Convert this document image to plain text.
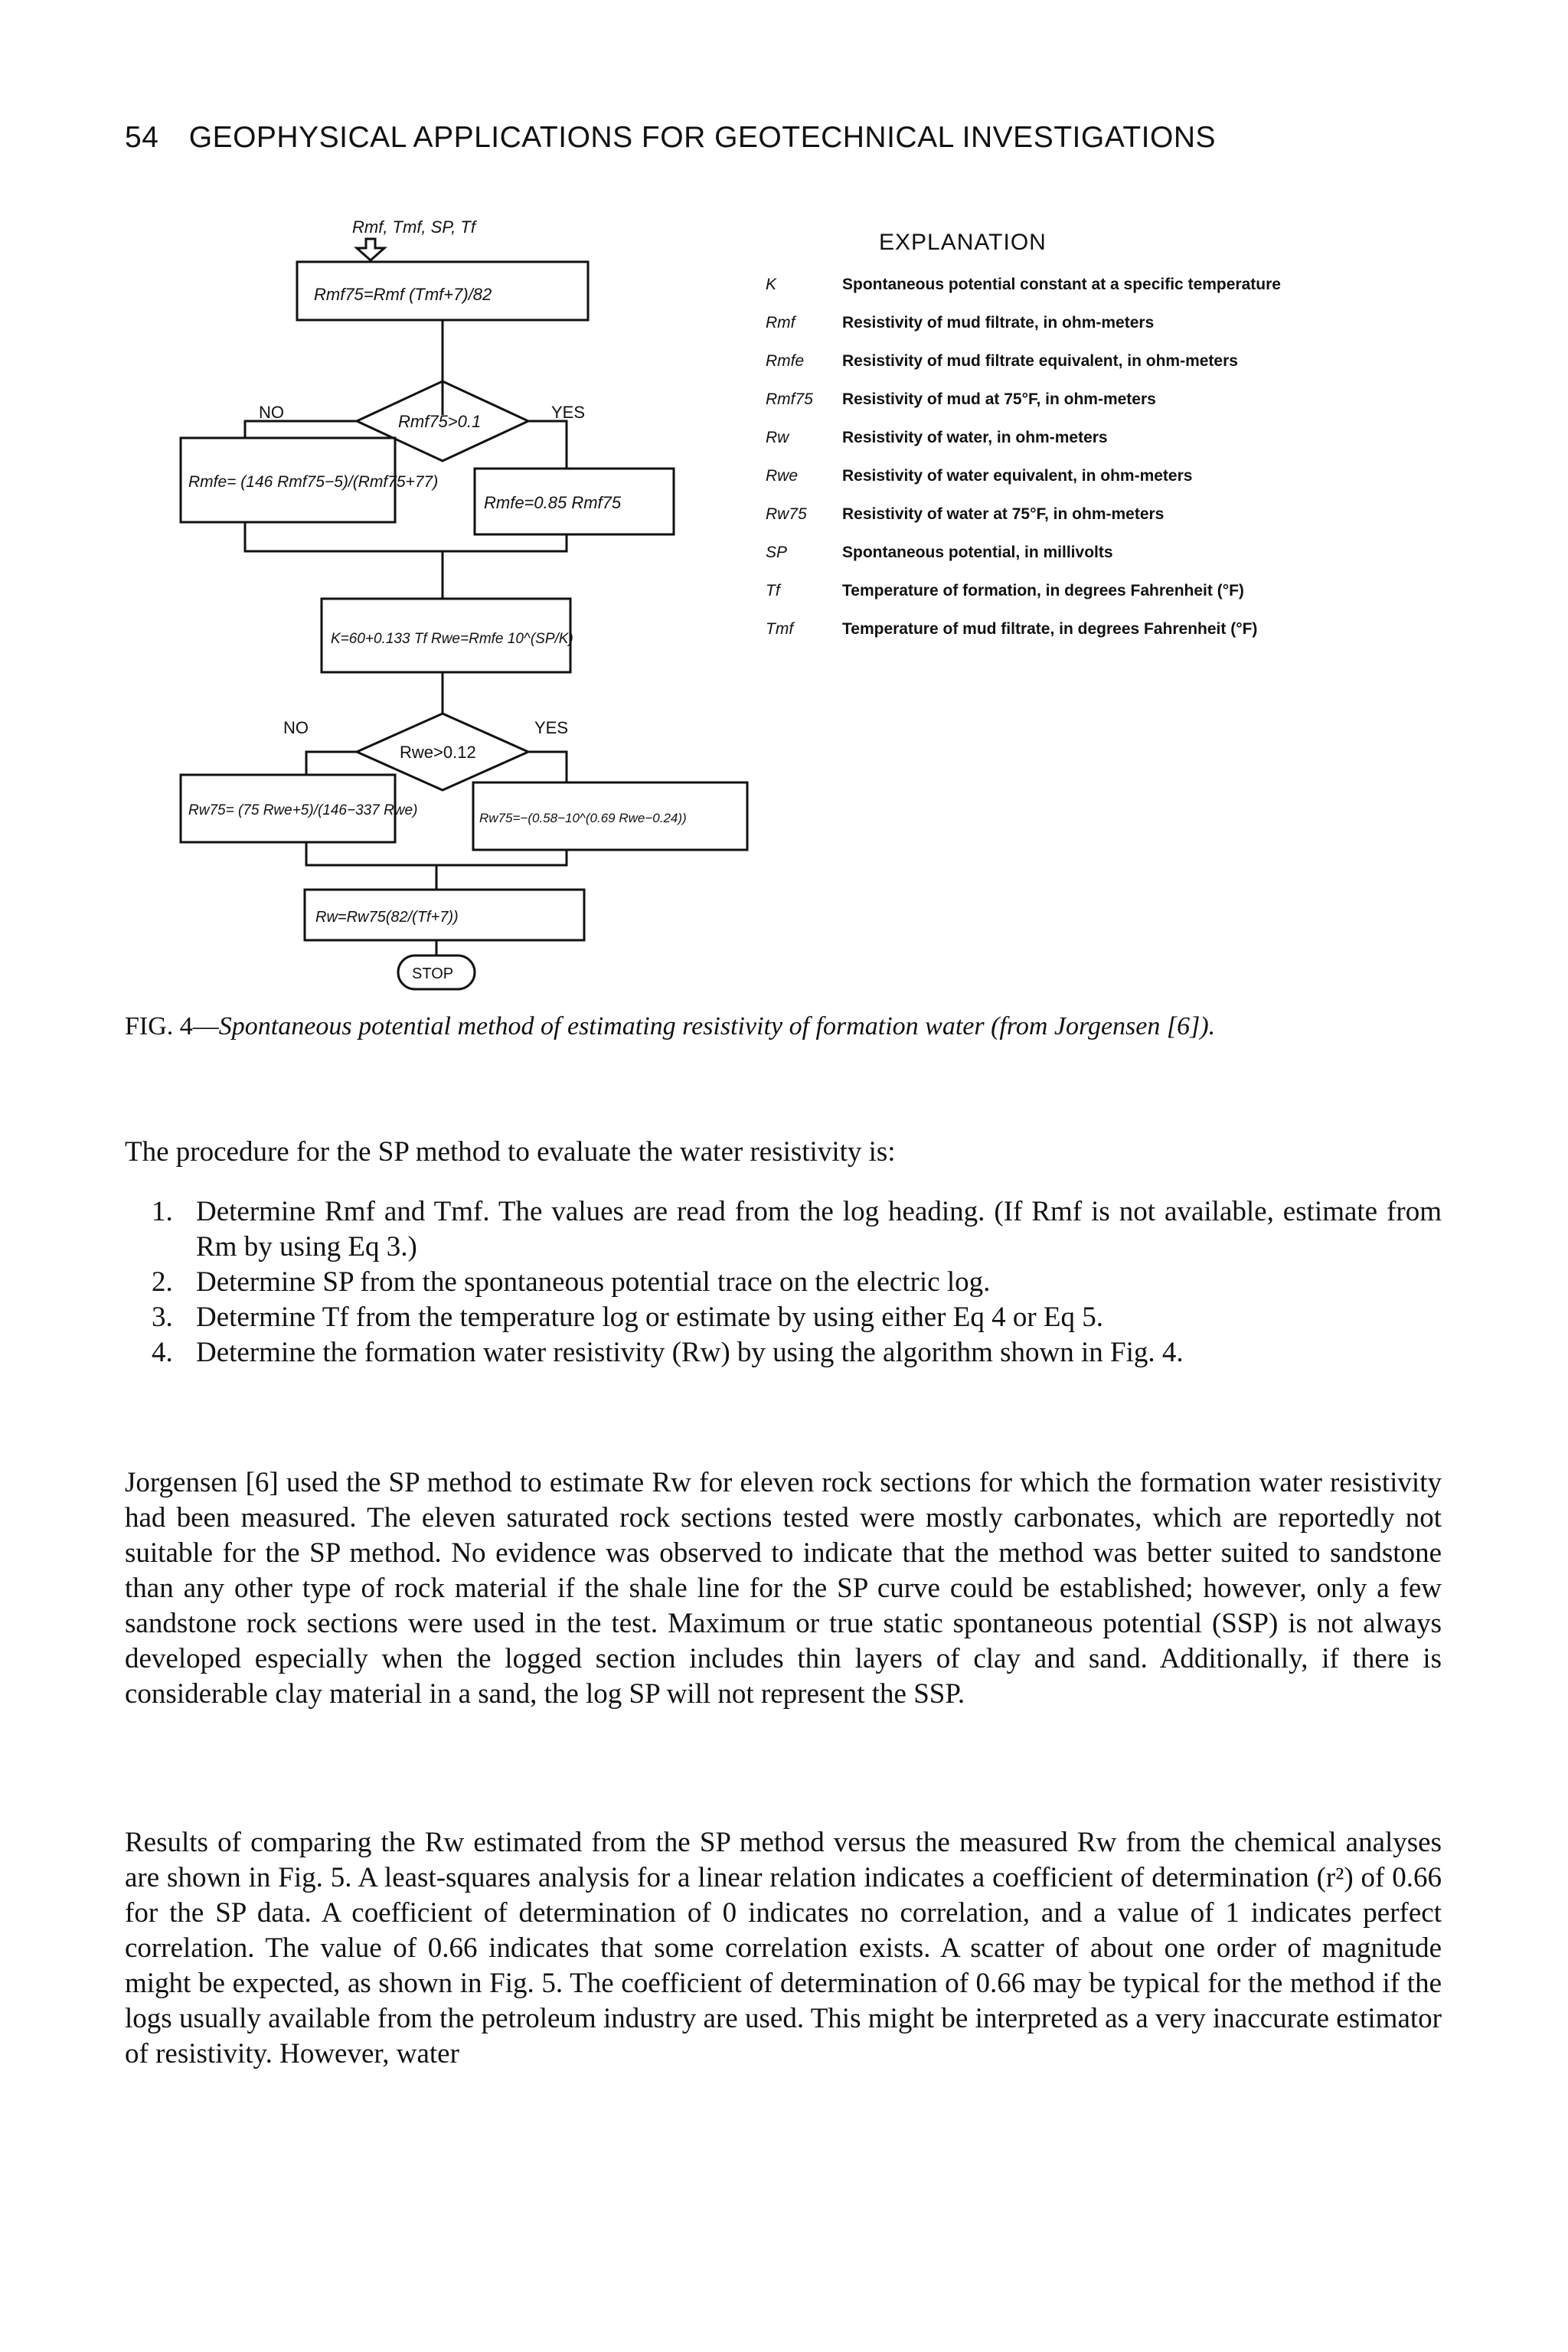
54 GEOPHYSICAL APPLICATIONS FOR GEOTECHNICAL INVESTIGATIONS
Rmf, Tmf, SP, Tf
Rmf75=Rmf (Tmf+7)/82
Rmf75>0.1
NO	YES
Rmfe= (146 Rmf75−5)/(Rmf75+77)
Rmfe=0.85 Rmf75
K=60+0.133 Tf Rwe=Rmfe 10^(SP/K)
Rwe>0.12
NO	YES
Rw75= (75 Rwe+5)/(146−337 Rwe)	Rw75=−(0.58−10^(0.69 Rwe−0.24))
Rw=Rw75(82/(Tf+7))
STOP
EXPLANATION
K	Spontaneous potential constant at a specific temperature
Rmf	Resistivity of mud filtrate, in ohm-meters
Rmfe	Resistivity of mud filtrate equivalent, in ohm-meters
Rmf75	Resistivity of mud at 75°F, in ohm-meters
Rw	Resistivity of water, in ohm-meters
Rwe	Resistivity of water equivalent, in ohm-meters
Rw75	Resistivity of water at 75°F, in ohm-meters
SP	Spontaneous potential, in millivolts
Tf	Temperature of formation, in degrees Fahrenheit (°F)
Tmf	Temperature of mud filtrate, in degrees Fahrenheit (°F)
FIG. 4—Spontaneous potential method of estimating resistivity of formation water (from Jorgensen [6]).
The procedure for the SP method to evaluate the water resistivity is:
1. Determine Rmf and Tmf. The values are read from the log heading. (If Rmf is not available, estimate from Rm by using Eq 3.)
2. Determine SP from the spontaneous potential trace on the electric log.
3. Determine Tf from the temperature log or estimate by using either Eq 4 or Eq 5.
4. Determine the formation water resistivity (Rw) by using the algorithm shown in Fig. 4.
Jorgensen [6] used the SP method to estimate Rw for eleven rock sections for which the formation water resistivity had been measured. The eleven saturated rock sections tested were mostly carbonates, which are reportedly not suitable for the SP method. No evidence was observed to indicate that the method was better suited to sandstone than any other type of rock material if the shale line for the SP curve could be established; however, only a few sandstone rock sections were used in the test. Maximum or true static spontaneous potential (SSP) is not always developed especially when the logged section includes thin layers of clay and sand. Additionally, if there is considerable clay material in a sand, the log SP will not represent the SSP.
Results of comparing the Rw estimated from the SP method versus the measured Rw from the chemical analyses are shown in Fig. 5. A least-squares analysis for a linear relation indicates a coefficient of determination (r²) of 0.66 for the SP data. A coefficient of determination of 0 indicates no correlation, and a value of 1 indicates perfect correlation. The value of 0.66 indicates that some correlation exists. A scatter of about one order of magnitude might be expected, as shown in Fig. 5. The coefficient of determination of 0.66 may be typical for the method if the logs usually available from the petroleum industry are used. This might be interpreted as a very inaccurate estimator of resistivity. However, water
